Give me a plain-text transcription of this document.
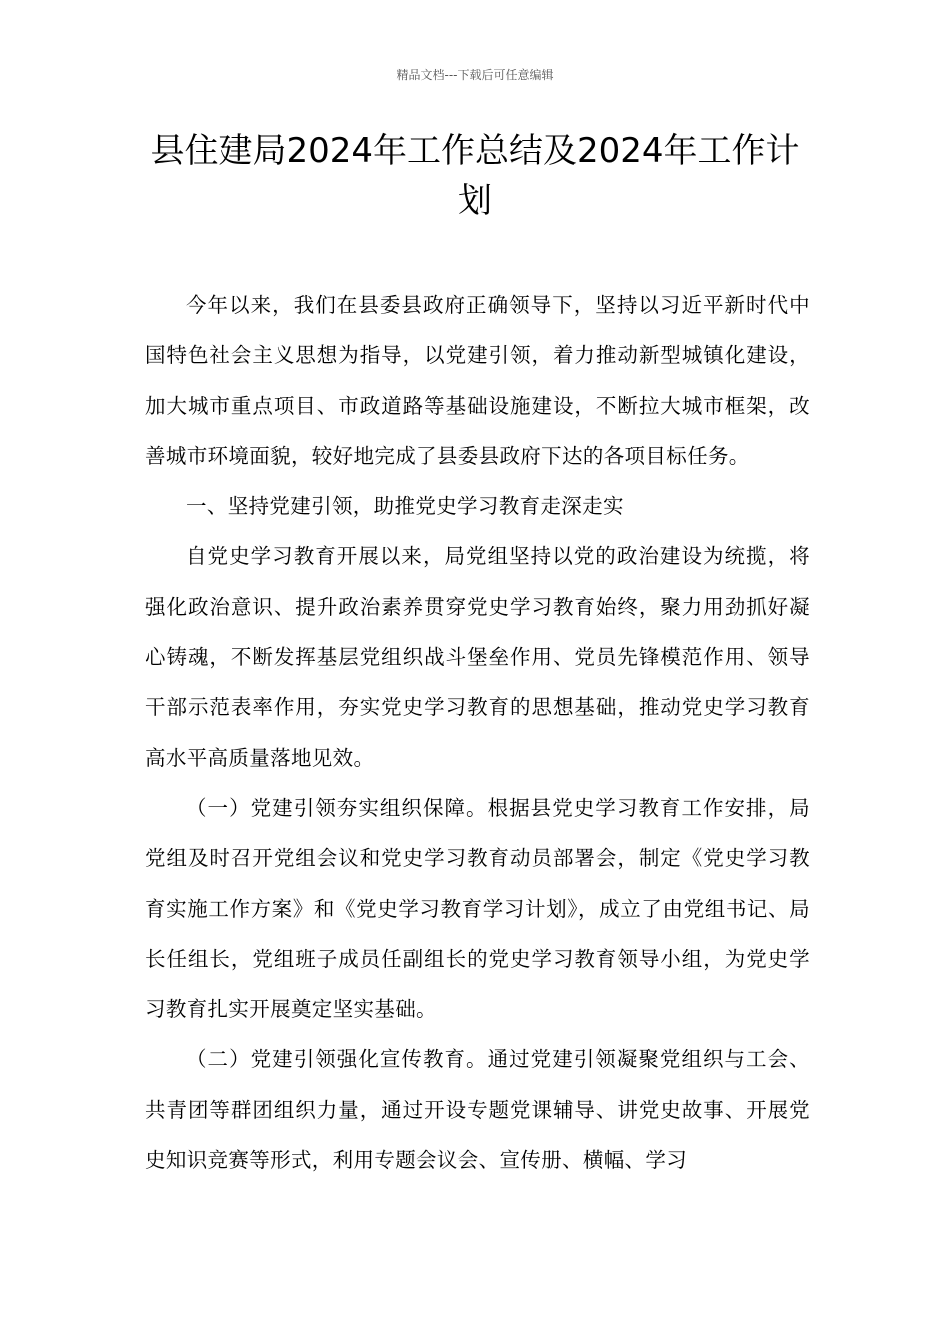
精品文档---下载后可任意编辑
县住建局2024年工作总结及2024年工作计划

今年以来，我们在县委县政府正确领导下，坚持以习近平新时代中国特色社会主义思想为指导，以党建引领，着力推动新型城镇化建设，加大城市重点项目、市政道路等基础设施建设，不断拉大城市框架，改善城市环境面貌，较好地完成了县委县政府下达的各项目标任务。

一、坚持党建引领，助推党史学习教育走深走实

自党史学习教育开展以来，局党组坚持以党的政治建设为统揽，将强化政治意识、提升政治素养贯穿党史学习教育始终，聚力用劲抓好凝心铸魂，不断发挥基层党组织战斗堡垒作用、党员先锋模范作用、领导干部示范表率作用，夯实党史学习教育的思想基础，推动党史学习教育高水平高质量落地见效。

（一）党建引领夯实组织保障。根据县党史学习教育工作安排，局党组及时召开党组会议和党史学习教育动员部署会，制定《党史学习教育实施工作方案》和《党史学习教育学习计划》，成立了由党组书记、局长任组长，党组班子成员任副组长的党史学习教育领导小组，为党史学习教育扎实开展奠定坚实基础。

（二）党建引领强化宣传教育。通过党建引领凝聚党组织与工会、共青团等群团组织力量，通过开设专题党课辅导、讲党史故事、开展党史知识竞赛等形式，利用专题会议会、宣传册、横幅、学习
